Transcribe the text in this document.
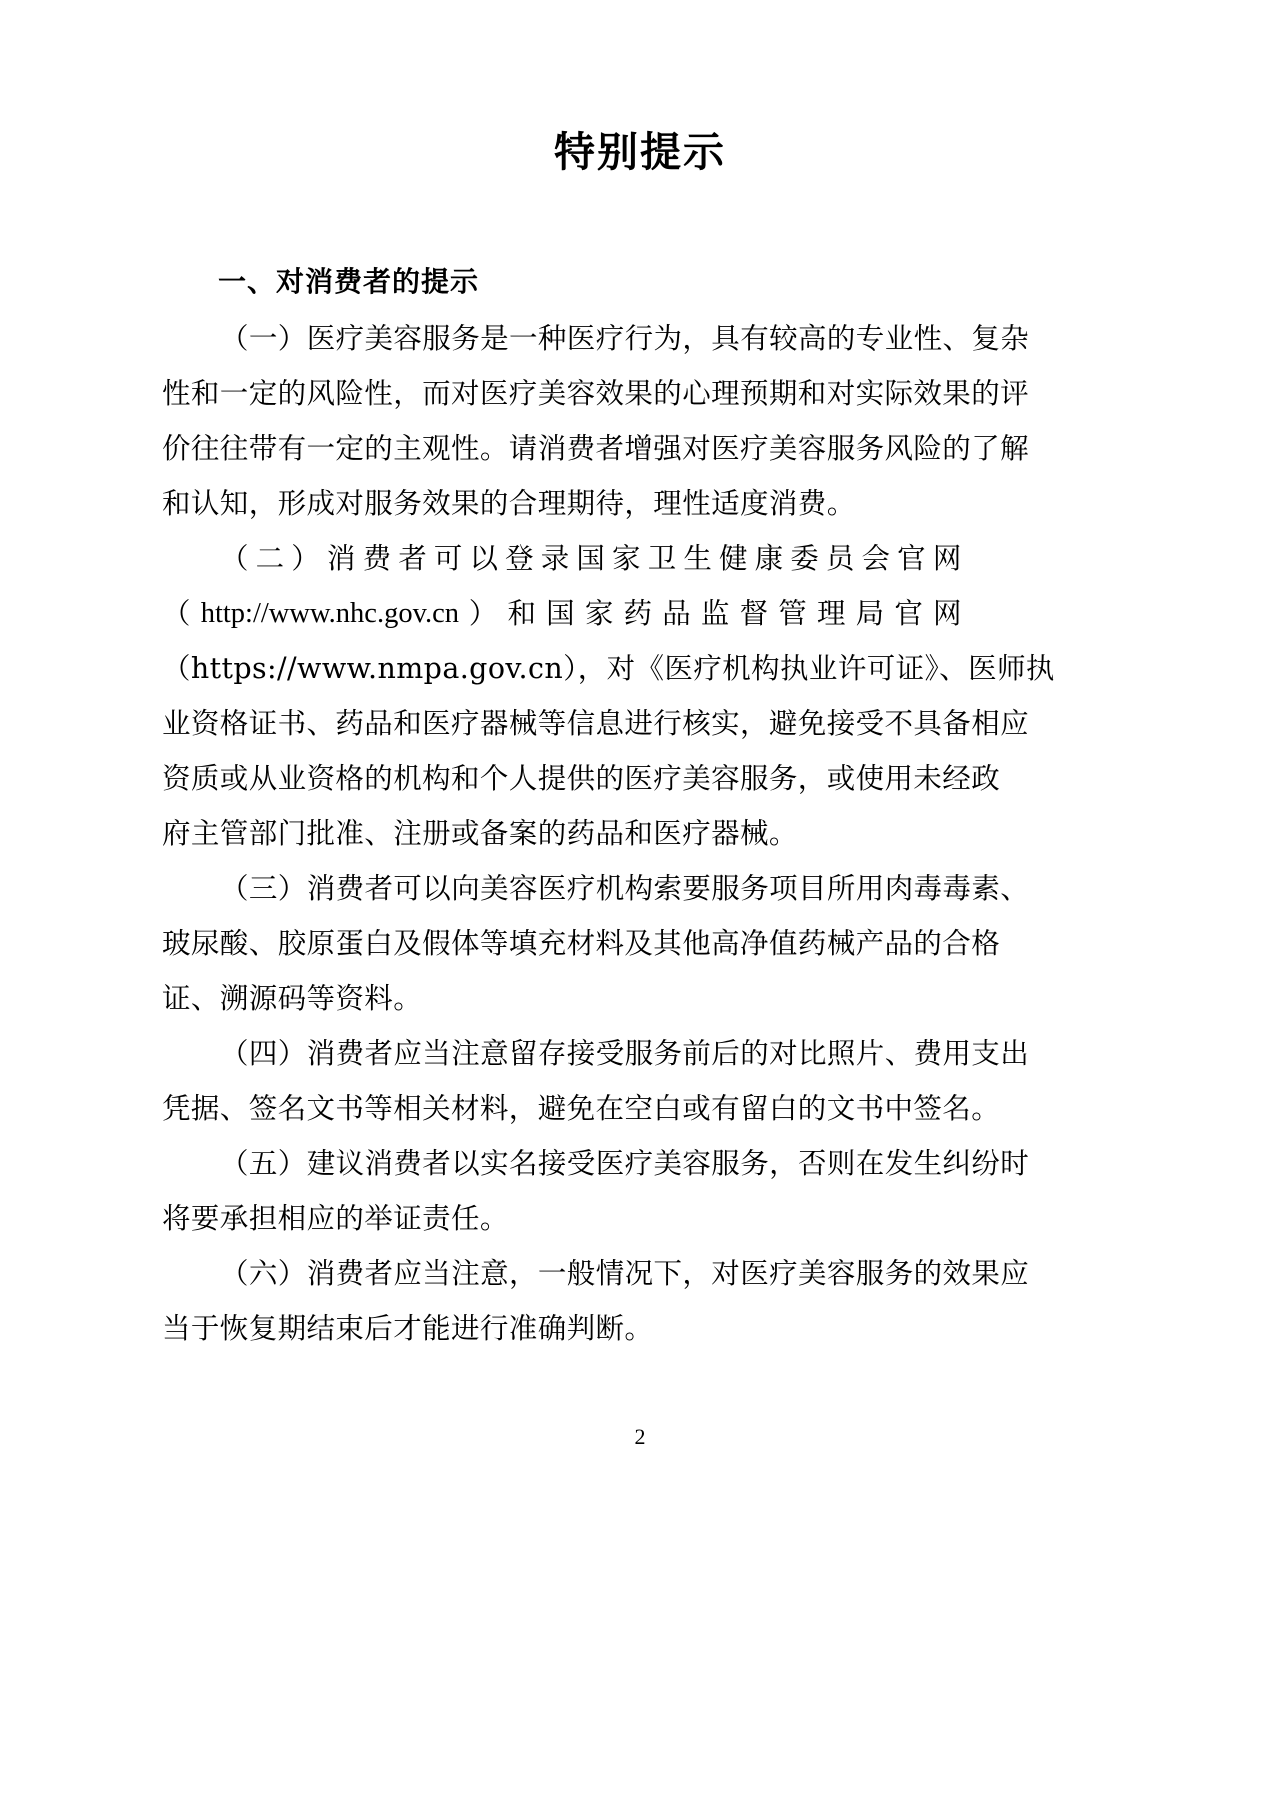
特别提示
一、对消费者的提示
（一）医疗美容服务是一种医疗行为，具有较高的专业性、复杂
性和一定的风险性，而对医疗美容效果的心理预期和对实际效果的评
价往往带有一定的主观性。请消费者增强对医疗美容服务风险的了解
和认知，形成对服务效果的合理期待，理性适度消费。
（ 二 ） 消 费 者 可 以 登 录 国 家 卫 生 健 康 委 员 会 官 网
（ http://www.nhc.gov.cn ） 和 国 家 药 品 监 督 管 理 局 官 网
（https://www.nmpa.gov.cn），对《医疗机构执业许可证》、医师执
业资格证书、药品和医疗器械等信息进行核实，避免接受不具备相应
资质或从业资格的机构和个人提供的医疗美容服务，或使用未经政
府主管部门批准、注册或备案的药品和医疗器械。
（三）消费者可以向美容医疗机构索要服务项目所用肉毒毒素、
玻尿酸、胶原蛋白及假体等填充材料及其他高净值药械产品的合格
证、溯源码等资料。
（四）消费者应当注意留存接受服务前后的对比照片、费用支出
凭据、签名文书等相关材料，避免在空白或有留白的文书中签名。
（五）建议消费者以实名接受医疗美容服务，否则在发生纠纷时
将要承担相应的举证责任。
（六）消费者应当注意，一般情况下，对医疗美容服务的效果应
当于恢复期结束后才能进行准确判断。
2
